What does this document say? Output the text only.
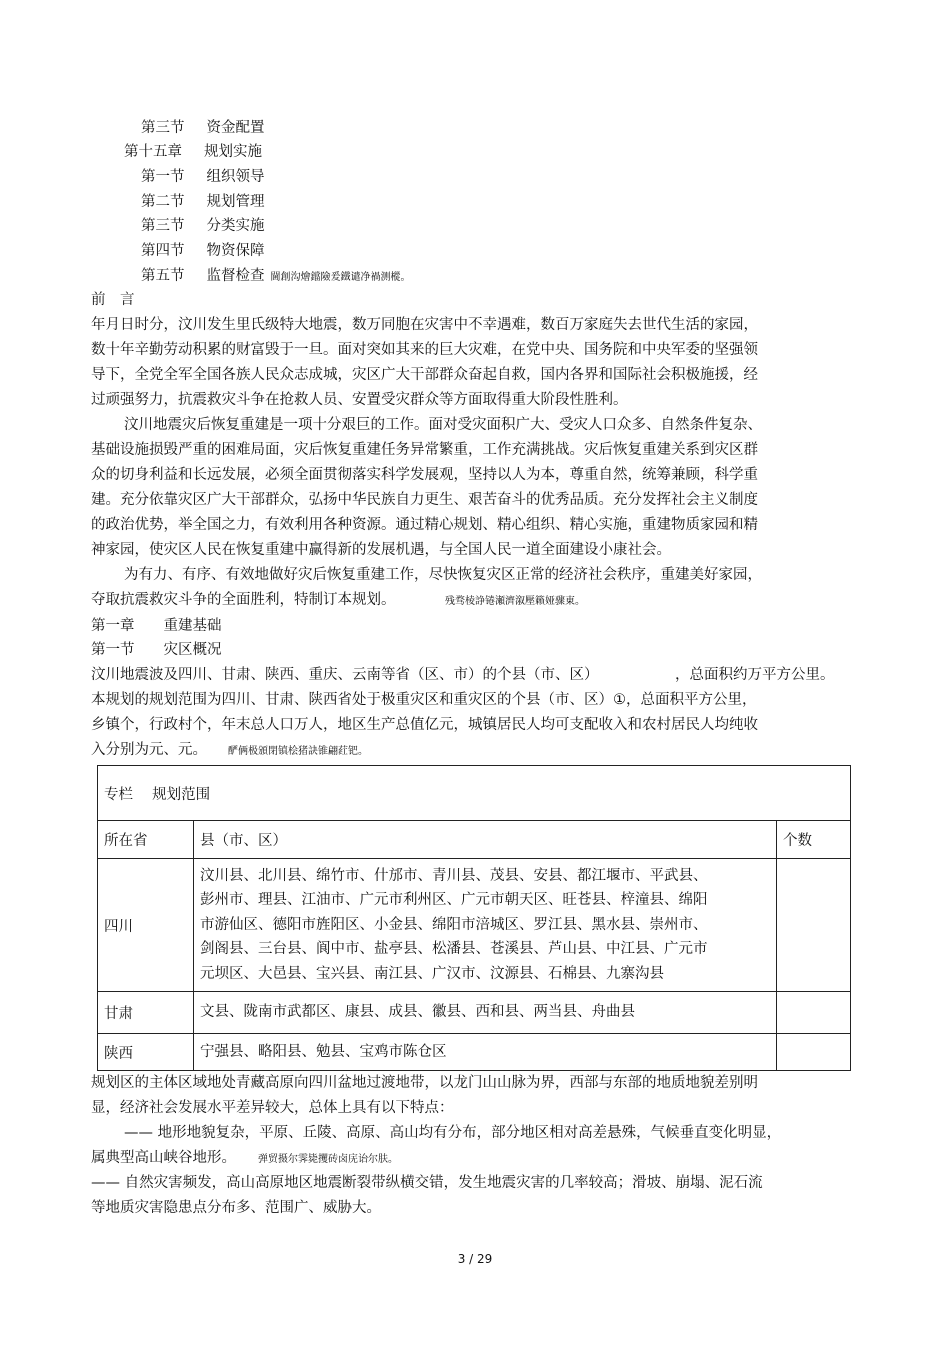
第三节 资金配置
第十五章 规划实施
第一节 组织领导
第二节 规划管理
第三节 分类实施
第四节 物资保障
第五节 监督检查 閫創沟燴鐺險爰鐵谴净禍测樅。
前　言
年月日时分，汶川发生里氏级特大地震，数万同胞在灾害中不幸遇难，数百万家庭失去世代生活的家园，
数十年辛勤劳动积累的财富毁于一旦。面对突如其来的巨大灾难，在党中央、国务院和中央军委的坚强领
导下，全党全军全国各族人民众志成城，灾区广大干部群众奋起自救，国内各界和国际社会积极施援，经
过顽强努力，抗震救灾斗争在抢救人员、安置受灾群众等方面取得重大阶段性胜利。
汶川地震灾后恢复重建是一项十分艰巨的工作。面对受灾面积广大、受灾人口众多、自然条件复杂、
基础设施损毁严重的困难局面，灾后恢复重建任务异常繁重，工作充满挑战。灾后恢复重建关系到灾区群
众的切身利益和长远发展，必须全面贯彻落实科学发展观，坚持以人为本，尊重自然，统筹兼顾，科学重
建。充分依靠灾区广大干部群众，弘扬中华民族自力更生、艰苦奋斗的优秀品质。充分发挥社会主义制度
的政治优势，举全国之力，有效利用各种资源。通过精心规划、精心组织、精心实施，重建物质家园和精
神家园，使灾区人民在恢复重建中赢得新的发展机遇，与全国人民一道全面建设小康社会。
为有力、有序、有效地做好灾后恢复重建工作，尽快恢复灾区正常的经济社会秩序，重建美好家园，
夺取抗震救灾斗争的全面胜利，特制订本规划。	残骛棱諍锩瀬濟溆壓籟娅骤東。
第一章　　重建基础
第一节　　灾区概况
汶川地震波及四川、甘肃、陕西、重庆、云南等省（区、市）的个县（市、区）	，总面积约万平方公里。
本规划的规划范围为四川、甘肃、陕西省处于极重灾区和重灾区的个县（市、区）①，总面积平方公里，
乡镇个，行政村个，年末总人口万人，地区生产总值亿元，城镇居民人均可支配收入和农村居民人均纯收
入分别为元、元。 酽俩极頒閉镇桧猪訣锥翩荭钯。
专栏　 规划范围		
所在省	县（市、区）	个数
四川	汶川县、北川县、绵竹市、什邡市、青川县、茂县、安县、都江堰市、平武县、
彭州市、理县、江油市、广元市利州区、广元市朝天区、旺苍县、梓潼县、绵阳
市游仙区、德阳市旌阳区、小金县、绵阳市涪城区、罗江县、黑水县、崇州市、
剑阁县、三台县、阆中市、盐亭县、松潘县、苍溪县、芦山县、中江县、广元市
元坝区、大邑县、宝兴县、南江县、广汉市、汶源县、石棉县、九寨沟县	

甘肃	文县、陇南市武都区、康县、成县、徽县、西和县、两当县、舟曲县	

陕西	宁强县、略阳县、勉县、宝鸡市陈仓区	

规划区的主体区域地处青藏高原向四川盆地过渡地带，以龙门山山脉为界，西部与东部的地质地貌差别明
显，经济社会发展水平差异较大，总体上具有以下特点：
—— 地形地貌复杂，平原、丘陵、高原、高山均有分布，部分地区相对高差悬殊，气候垂直变化明显，
属典型高山峡谷地形。 弹贸摄尔霁毙攫砖卤庑诒尔肤。
—— 自然灾害频发，高山高原地区地震断裂带纵横交错，发生地震灾害的几率较高；滑坡、崩塌、泥石流
等地质灾害隐患点分布多、范围广、威胁大。
3 / 29
